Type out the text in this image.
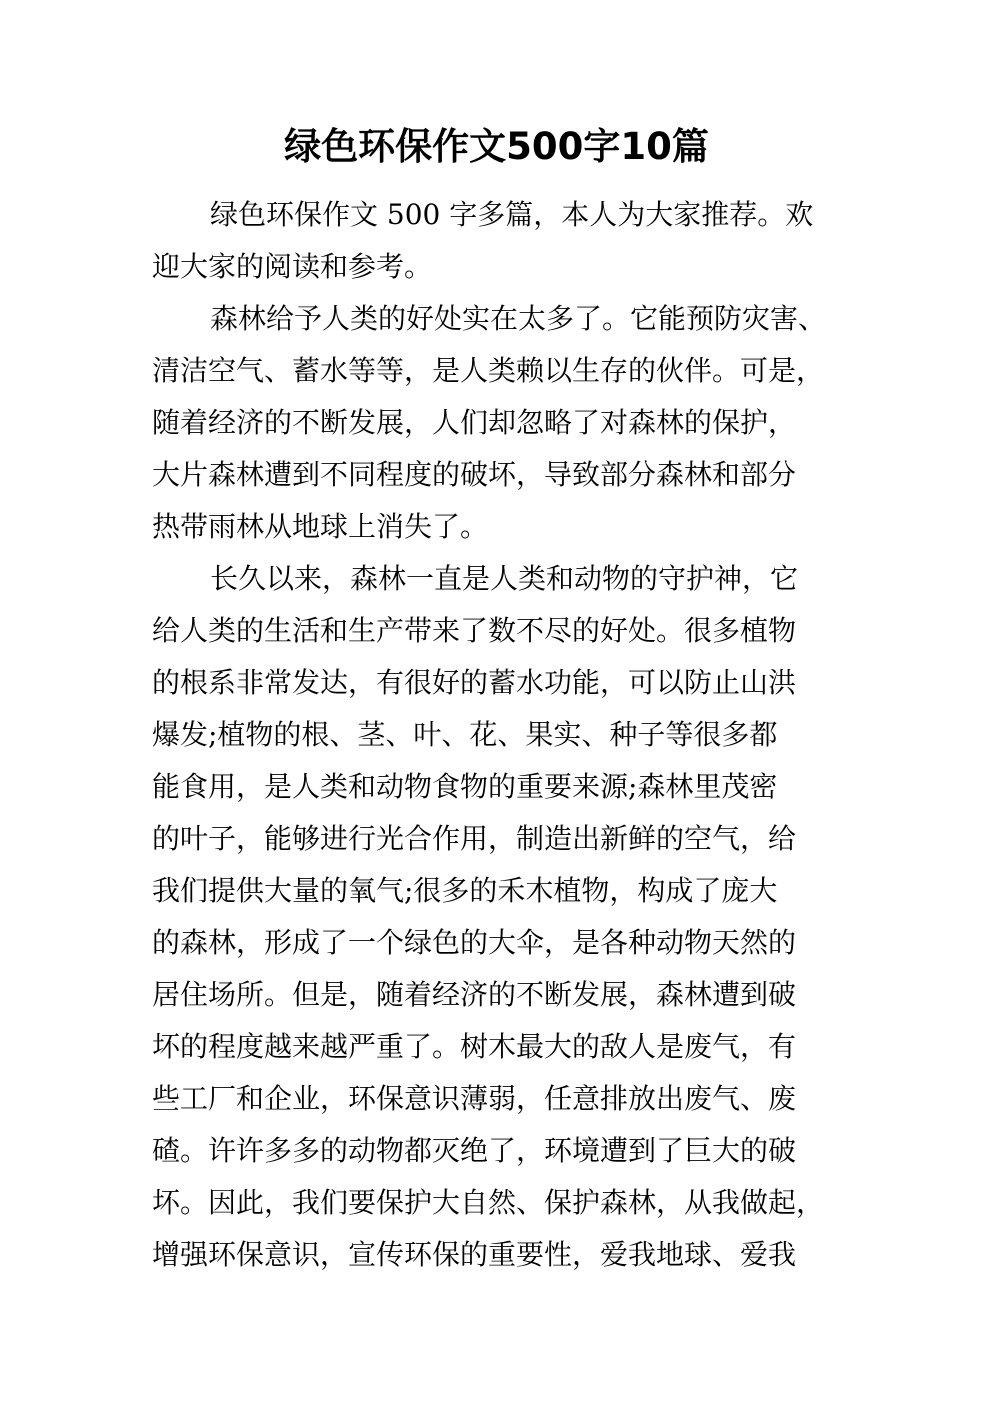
绿色环保作文500字10篇
绿色环保作文 500 字多篇，本人为大家推荐。欢
迎大家的阅读和参考。
森林给予人类的好处实在太多了。它能预防灾害、
清洁空气、蓄水等等，是人类赖以生存的伙伴。可是，
随着经济的不断发展，人们却忽略了对森林的保护，
大片森林遭到不同程度的破坏，导致部分森林和部分
热带雨林从地球上消失了。
长久以来，森林一直是人类和动物的守护神，它
给人类的生活和生产带来了数不尽的好处。很多植物
的根系非常发达，有很好的蓄水功能，可以防止山洪
爆发;植物的根、茎、叶、花、果实、种子等很多都
能食用，是人类和动物食物的重要来源;森林里茂密
的叶子，能够进行光合作用，制造出新鲜的空气，给
我们提供大量的氧气;很多的禾木植物，构成了庞大
的森林，形成了一个绿色的大伞，是各种动物天然的
居住场所。但是，随着经济的不断发展，森林遭到破
坏的程度越来越严重了。树木最大的敌人是废气，有
些工厂和企业，环保意识薄弱，任意排放出废气、废
碴。许许多多的动物都灭绝了，环境遭到了巨大的破
坏。因此，我们要保护大自然、保护森林，从我做起，
增强环保意识，宣传环保的重要性，爱我地球、爱我
